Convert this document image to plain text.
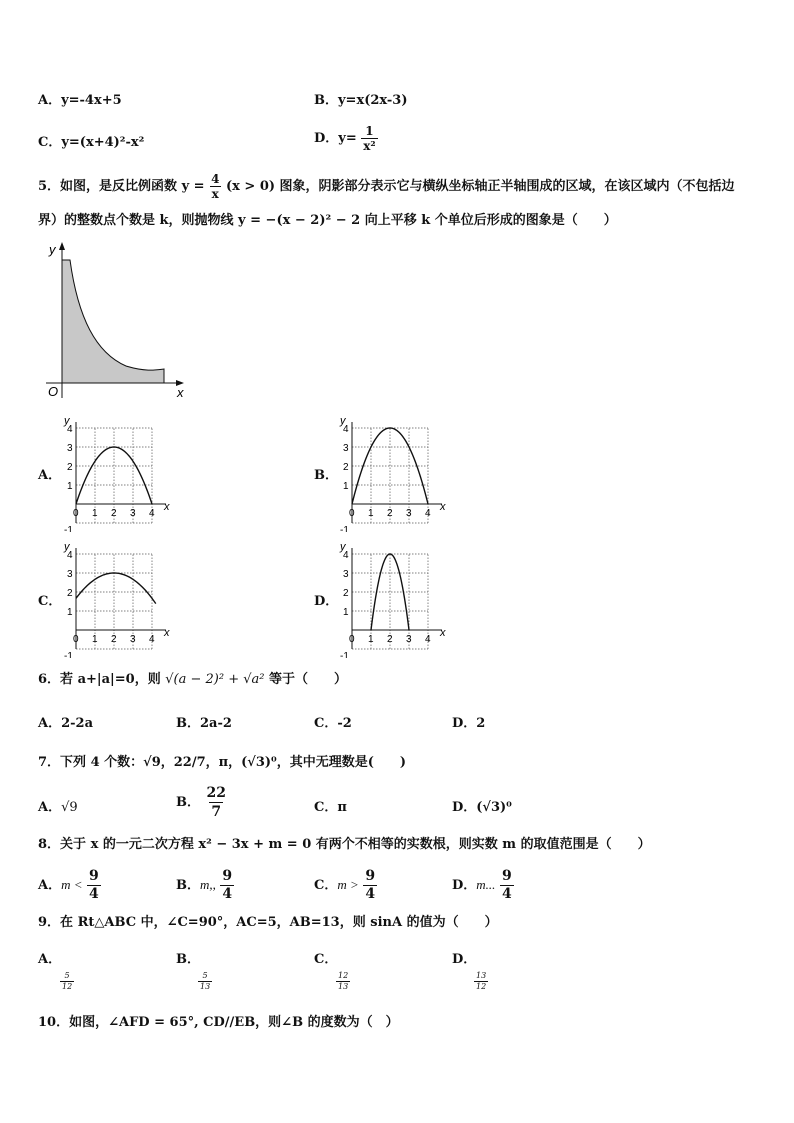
A．y=-4x+5	B．y=x(2x-3)
C．y=(x+4)²-x²	D．$y= \frac{1}{\text{x²}}$
5．如图，是反比例函数 $y = \frac{4}{x} (x > 0)$ 图象，阴影部分表示它与横纵坐标轴正半轴围成的区域，在该区域内（不包括边
界）的整数点个数是 k，则抛物线 y = −(x − 2)² − 2 向上平移 k 个单位后形成的图象是（　　）
y
x
O
A．	B．
C．	D．
0 1 2 3 4
4
3
2
1
-1
x
y
0 1 2 3 4
4
3
2
1
-1
x
y
0 1 2 3 4
4
3
2
1
-1
x
y
0 1 2 3 4
4
3
2
1
-1
x
y
6．若 a+|a|=0，则 √(a − 2)² + √a² 等于（　　）
A．2-2a	B．2a-2	C．-2	D．2
7．下列 4 个数：√9，22/7，π，(√3)⁰，其中无理数是(　　)
A．√9	B． $\frac{22}{7}$	C．π	D．(√3)⁰
8．关于 x 的一元二次方程 x² − 3x + m = 0 有两个不相等的实数根，则实数 m 的取值范围是（　　）
A．$m < \frac{9}{4}$	B．m,, $\frac{9}{4}$	C．$m > \frac{9}{4}$	D．m... $\frac{9}{4}$
9．在 Rt△ABC 中，∠C=90°，AC=5，AB=13，则 sinA 的值为（　　）
A．
$\frac{5}{12}$
B．
$\frac{5}{13}$
C．
$\frac{12}{13}$
D．
$\frac{13}{12}$
10．如图，∠AFD = 65°, CD//EB，则∠B 的度数为（　）
